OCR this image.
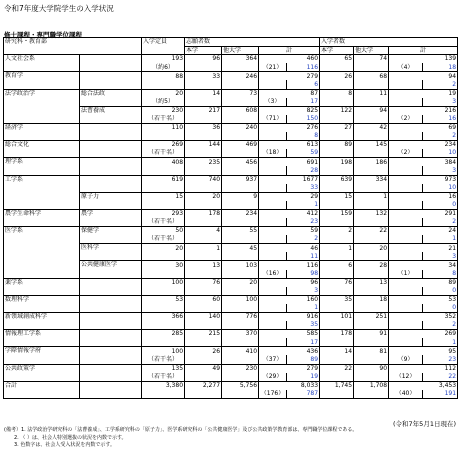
令和7年度大学院学生の入学状況
修士課程・専門職学位課程
研究科・教育部		入学定員	志願者数				入学者数			
			本学	他大学	計		本学	他大学	計	
人文社会系		193	96	364	460		65	74	139	
		（約6）			（21）	116			（4）	18
教育学		88	33	246	279		26	68	94	
						6				2
法学政治学	総合法政	20	14	73	87		8	11	19	
		（約5）			（3）	17				3
	法曹養成	230	217	608	825		122	94	216	
		（若干名）			（71）	150			（2）	16
経済学		110	36	240	276		27	42	69	
						8				2
総合文化		269	144	469	613		89	145	234	
		（若干名）			（18）	59			（2）	10
理学系		408	235	456	691		198	186	384	
						28				3
工学系		619	740	937	1677		639	334	973	
						33				10
	原子力	15	20	9	29		15	1	16	
						1				0
農学生命科学	農学	293	178	234	412		159	132	291	
		（若干名）				23				2
医学系	保健学	50	4	55	59		2	22	24	
		（若干名）				2				1
	医科学	20	1	45	46		1	20	21	
						11				3
	公共健康医学	30	13	103	116		6	28	34	
					（16）	98			（1）	8
薬学系		100	76	20	96		76	13	89	
						3				0
数理科学		53	60	100	160		35	18	53	
						1				0
新領域創成科学		366	140	776	916		101	251	352	
						35				2
情報理工学系		285	215	370	585		178	91	269	
						17				1
学際情報学府		100	26	410	436		14	81	95	
		（若干名）			（37）	89			（9）	23
公共政策学		135	49	230	279		22	90	112	
		（若干名）			（29）	19			（12）	22
合計		3,380	2,277	5,756	8,033		1,745	1,708	3,453	
					（176）	787			（40）	191
(令和7年5月1日現在)
(備考）1. 法学政治学研究科の「法曹養成」、工学系研究科の「原子力」、医学系研究科の「公共健康医学」及び公共政策学教育部は、専門職学位課程である。
2. （ ）は、社会人特別選抜の状況を内数で示す。
3. 色数字は、社会人受入状況を内数で示す。
